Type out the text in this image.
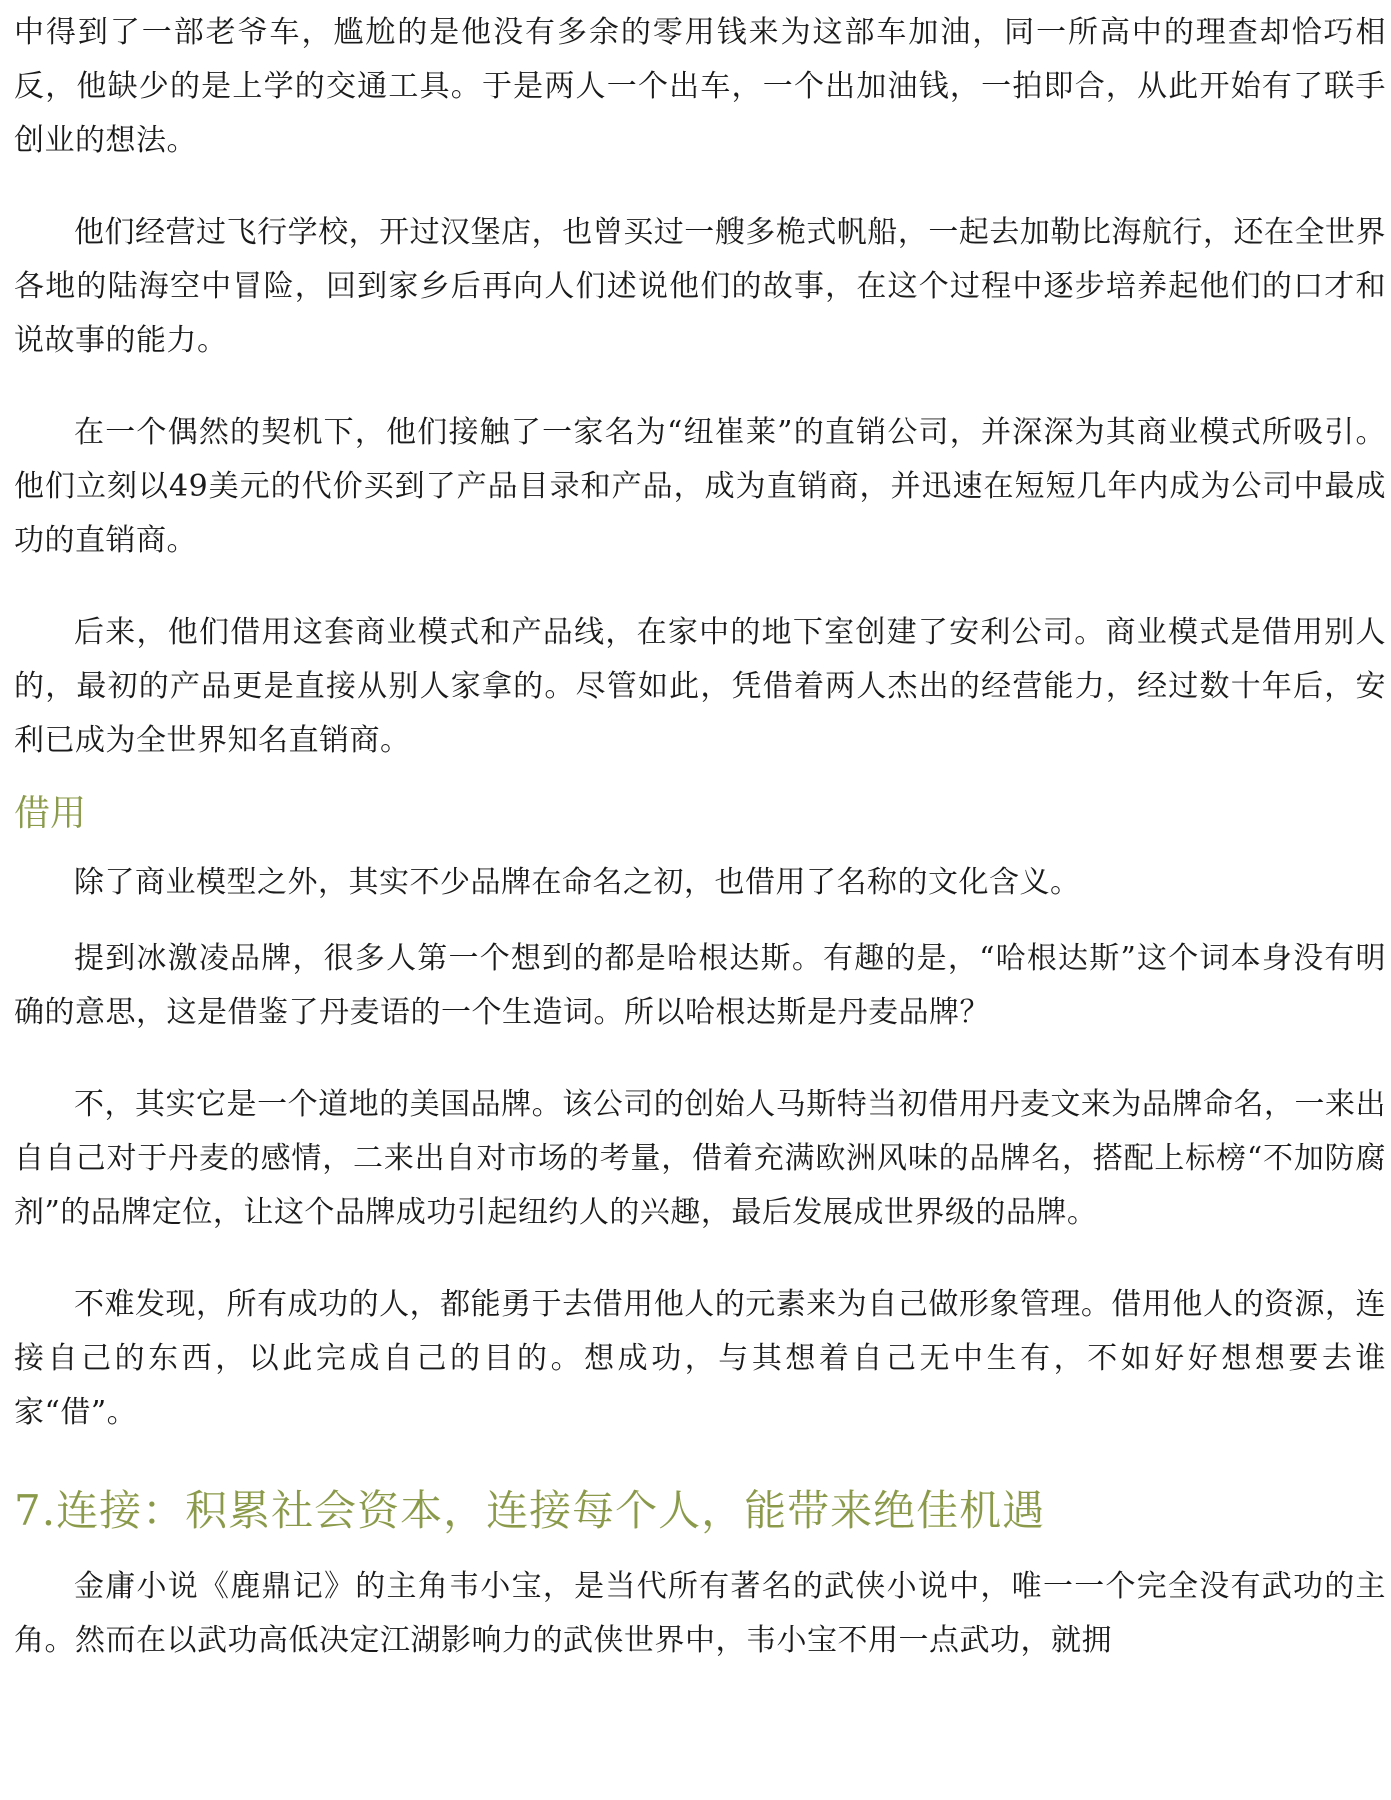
中得到了一部老爷车，尴尬的是他没有多余的零用钱来为这部车加油，同一所高中的理查却恰巧相反，他缺少的是上学的交通工具。于是两人一个出车，一个出加油钱，一拍即合，从此开始有了联手创业的想法。

他们经营过飞行学校，开过汉堡店，也曾买过一艘多桅式帆船，一起去加勒比海航行，还在全世界各地的陆海空中冒险，回到家乡后再向人们述说他们的故事，在这个过程中逐步培养起他们的口才和说故事的能力。

在一个偶然的契机下，他们接触了一家名为“纽崔莱”的直销公司，并深深为其商业模式所吸引。他们立刻以49美元的代价买到了产品目录和产品，成为直销商，并迅速在短短几年内成为公司中最成功的直销商。

后来，他们借用这套商业模式和产品线，在家中的地下室创建了安利公司。商业模式是借用别人的，最初的产品更是直接从别人家拿的。尽管如此，凭借着两人杰出的经营能力，经过数十年后，安利已成为全世界知名直销商。

借用

除了商业模型之外，其实不少品牌在命名之初，也借用了名称的文化含义。

提到冰激凌品牌，很多人第一个想到的都是哈根达斯。有趣的是，“哈根达斯”这个词本身没有明确的意思，这是借鉴了丹麦语的一个生造词。所以哈根达斯是丹麦品牌？

不，其实它是一个道地的美国品牌。该公司的创始人马斯特当初借用丹麦文来为品牌命名，一来出自自己对于丹麦的感情，二来出自对市场的考量，借着充满欧洲风味的品牌名，搭配上标榜“不加防腐剂”的品牌定位，让这个品牌成功引起纽约人的兴趣，最后发展成世界级的品牌。

不难发现，所有成功的人，都能勇于去借用他人的元素来为自己做形象管理。借用他人的资源，连接自己的东西，以此完成自己的目的。想成功，与其想着自己无中生有，不如好好想想要去谁家“借”。

7.连接：积累社会资本，连接每个人，能带来绝佳机遇

金庸小说《鹿鼎记》的主角韦小宝，是当代所有著名的武侠小说中，唯一一个完全没有武功的主角。然而在以武功高低决定江湖影响力的武侠世界中，韦小宝不用一点武功，就拥
